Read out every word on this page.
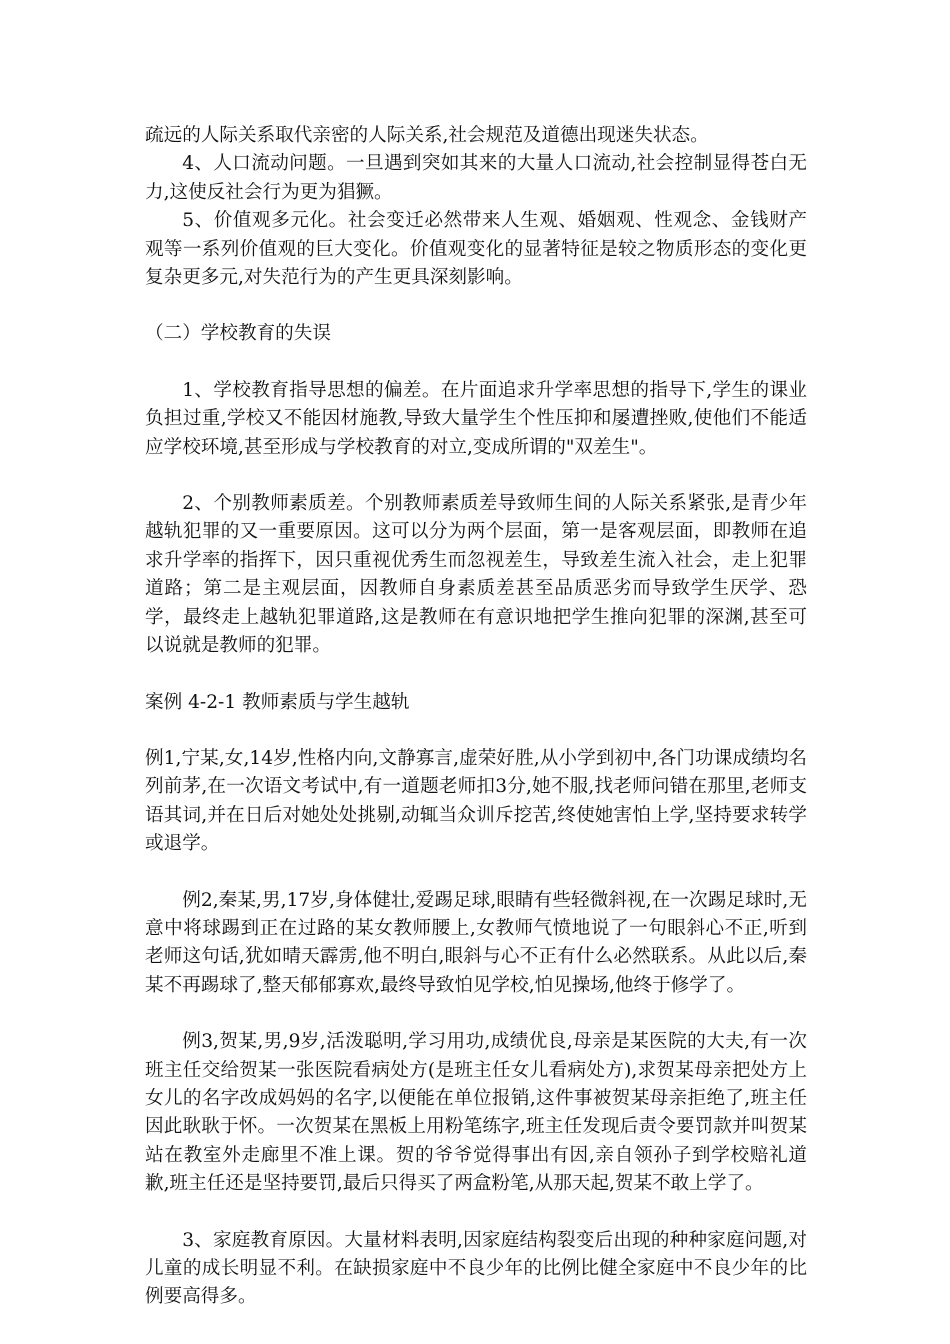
疏远的人际关系取代亲密的人际关系,社会规范及道德出现迷失状态。

4、人口流动问题。一旦遇到突如其来的大量人口流动,社会控制显得苍白无力,这使反社会行为更为猖獗。

5、价值观多元化。社会变迁必然带来人生观、婚姻观、性观念、金钱财产观等一系列价值观的巨大变化。价值观变化的显著特征是较之物质形态的变化更复杂更多元,对失范行为的产生更具深刻影响。

（二）学校教育的失误

1、学校教育指导思想的偏差。在片面追求升学率思想的指导下,学生的课业负担过重,学校又不能因材施教,导致大量学生个性压抑和屡遭挫败,使他们不能适应学校环境,甚至形成与学校教育的对立,变成所谓的"双差生"。

2、个别教师素质差。个别教师素质差导致师生间的人际关系紧张,是青少年越轨犯罪的又一重要原因。这可以分为两个层面，第一是客观层面，即教师在追求升学率的指挥下，因只重视优秀生而忽视差生，导致差生流入社会，走上犯罪道路；第二是主观层面，因教师自身素质差甚至品质恶劣而导致学生厌学、恐学，最终走上越轨犯罪道路,这是教师在有意识地把学生推向犯罪的深渊,甚至可以说就是教师的犯罪。

案例 4-2-1 教师素质与学生越轨

例1,宁某,女,14岁,性格内向,文静寡言,虚荣好胜,从小学到初中,各门功课成绩均名列前茅,在一次语文考试中,有一道题老师扣3分,她不服,找老师问错在那里,老师支语其词,并在日后对她处处挑剔,动辄当众训斥挖苦,终使她害怕上学,坚持要求转学或退学。

例2,秦某,男,17岁,身体健壮,爱踢足球,眼睛有些轻微斜视,在一次踢足球时,无意中将球踢到正在过路的某女教师腰上,女教师气愤地说了一句眼斜心不正,听到老师这句话,犹如晴天霹雳,他不明白,眼斜与心不正有什么必然联系。从此以后,秦某不再踢球了,整天郁郁寡欢,最终导致怕见学校,怕见操场,他终于修学了。

例3,贺某,男,9岁,活泼聪明,学习用功,成绩优良,母亲是某医院的大夫,有一次班主任交给贺某一张医院看病处方(是班主任女儿看病处方),求贺某母亲把处方上女儿的名字改成妈妈的名字,以便能在单位报销,这件事被贺某母亲拒绝了,班主任因此耿耿于怀。一次贺某在黑板上用粉笔练字,班主任发现后责令要罚款并叫贺某站在教室外走廊里不准上课。贺的爷爷觉得事出有因,亲自领孙子到学校赔礼道歉,班主任还是坚持要罚,最后只得买了两盒粉笔,从那天起,贺某不敢上学了。

3、家庭教育原因。大量材料表明,因家庭结构裂变后出现的种种家庭问题,对儿童的成长明显不利。在缺损家庭中不良少年的比例比健全家庭中不良少年的比例要高得多。
